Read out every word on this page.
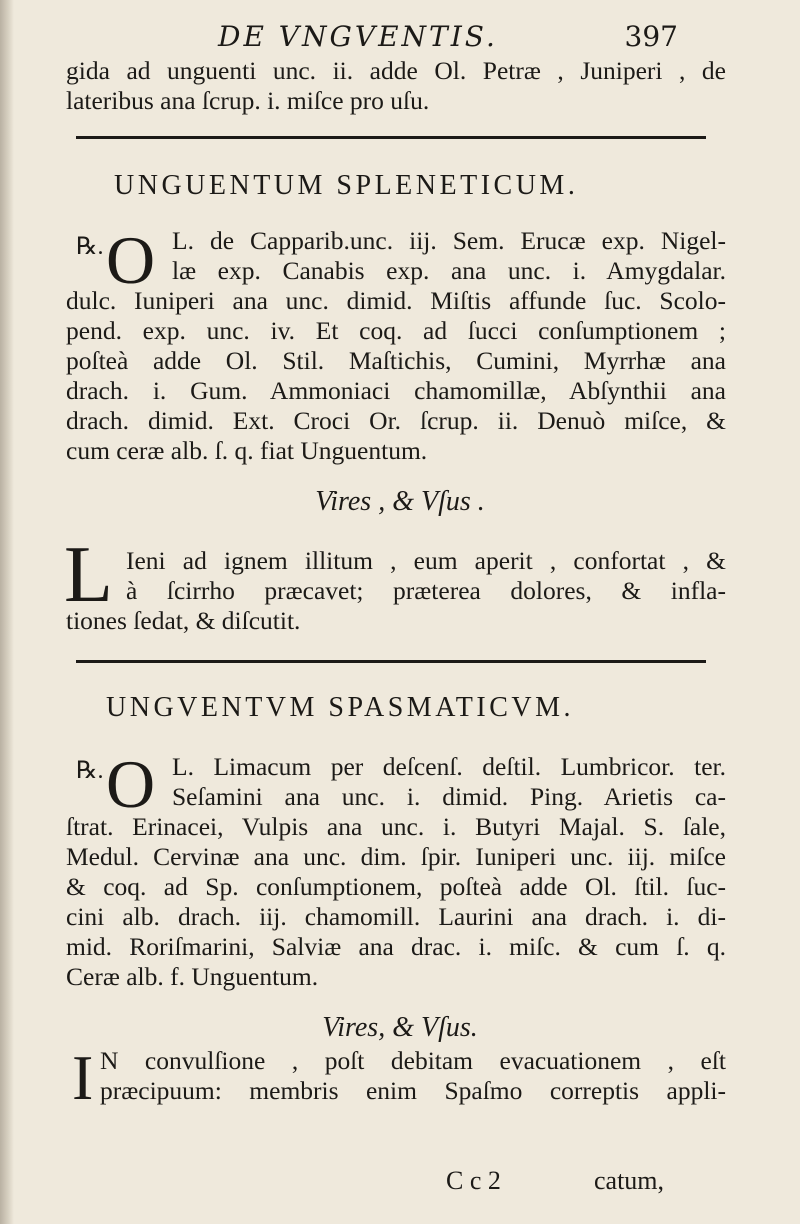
DE VNGVENTIS.	397
gida ad unguenti unc. ii. adde Ol. Petræ , Juniperi , de
lateribus ana ſcrup. i. miſce pro uſu.
UNGUENTUM SPLENETICUM.
℞. O L. de Capparib.unc. iij. Sem. Erucæ exp. Nigel-
læ exp. Canabis exp. ana unc. i. Amygdalar.
dulc. Iuniperi ana unc. dimid. Miſtis affunde ſuc. Scolo-
pend. exp. unc. iv. Et coq. ad ſucci conſumptionem ;
poſteà adde Ol. Stil. Maſtichis, Cumini, Myrrhæ ana
drach. i. Gum. Ammoniaci chamomillæ, Abſynthii ana
drach. dimid. Ext. Croci Or. ſcrup. ii. Denuò miſce, &
cum ceræ alb. ſ. q. fiat Unguentum.
Vires , & Vſus .
L Ieni ad ignem illitum , eum aperit , confortat , &
à ſcirrho præcavet; præterea dolores, & infla-
tiones ſedat, & diſcutit.
UNGVENTVM SPASMATICVM.
℞. O L. Limacum per deſcenſ. deſtil. Lumbricor. ter.
Seſamini ana unc. i. dimid. Ping. Arietis ca-
ſtrat. Erinacei, Vulpis ana unc. i. Butyri Majal. S. ſale,
Medul. Cervinæ ana unc. dim. ſpir. Iuniperi unc. iij. miſce
& coq. ad Sp. conſumptionem, poſteà adde Ol. ſtil. ſuc-
cini alb. drach. iij. chamomill. Laurini ana drach. i. di-
mid. Roriſmarini, Salviæ ana drac. i. miſc. & cum ſ. q.
Ceræ alb. f. Unguentum.
Vires, & Vſus.
I N convulſione , poſt debitam evacuationem , eſt
præcipuum: membris enim Spaſmo correptis appli-
C c 2	catum,
